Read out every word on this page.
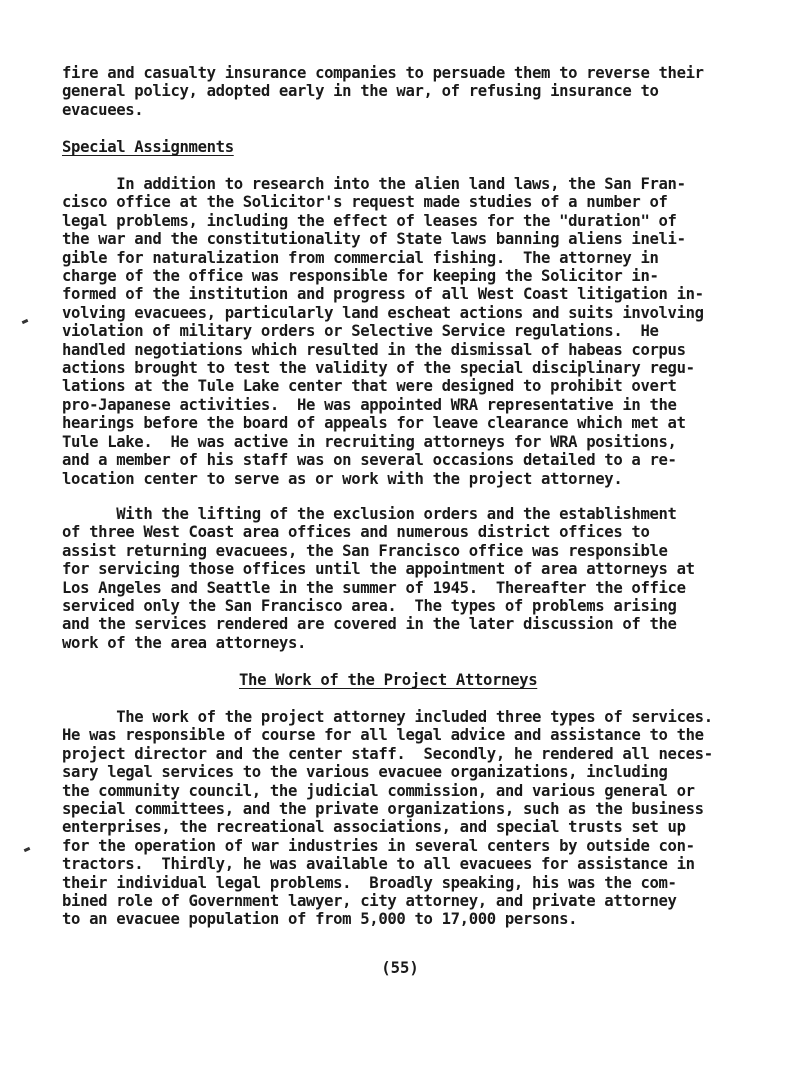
fire and casualty insurance companies to persuade them to reverse their
general policy, adopted early in the war, of refusing insurance to
evacuees.
Special Assignments
In addition to research into the alien land laws, the San Fran-
cisco office at the Solicitor's request made studies of a number of
legal problems, including the effect of leases for the "duration" of
the war and the constitutionality of State laws banning aliens ineli-
gible for naturalization from commercial fishing.  The attorney in
charge of the office was responsible for keeping the Solicitor in-
formed of the institution and progress of all West Coast litigation in-
volving evacuees, particularly land escheat actions and suits involving
violation of military orders or Selective Service regulations.  He
handled negotiations which resulted in the dismissal of habeas corpus
actions brought to test the validity of the special disciplinary regu-
lations at the Tule Lake center that were designed to prohibit overt
pro-Japanese activities.  He was appointed WRA representative in the
hearings before the board of appeals for leave clearance which met at
Tule Lake.  He was active in recruiting attorneys for WRA positions,
and a member of his staff was on several occasions detailed to a re-
location center to serve as or work with the project attorney.
With the lifting of the exclusion orders and the establishment
of three West Coast area offices and numerous district offices to
assist returning evacuees, the San Francisco office was responsible
for servicing those offices until the appointment of area attorneys at
Los Angeles and Seattle in the summer of 1945.  Thereafter the office
serviced only the San Francisco area.  The types of problems arising
and the services rendered are covered in the later discussion of the
work of the area attorneys.
The Work of the Project Attorneys
The work of the project attorney included three types of services.
He was responsible of course for all legal advice and assistance to the
project director and the center staff.  Secondly, he rendered all neces-
sary legal services to the various evacuee organizations, including
the community council, the judicial commission, and various general or
special committees, and the private organizations, such as the business
enterprises, the recreational associations, and special trusts set up
for the operation of war industries in several centers by outside con-
tractors.  Thirdly, he was available to all evacuees for assistance in
their individual legal problems.  Broadly speaking, his was the com-
bined role of Government lawyer, city attorney, and private attorney
to an evacuee population of from 5,000 to 17,000 persons.
(55)
